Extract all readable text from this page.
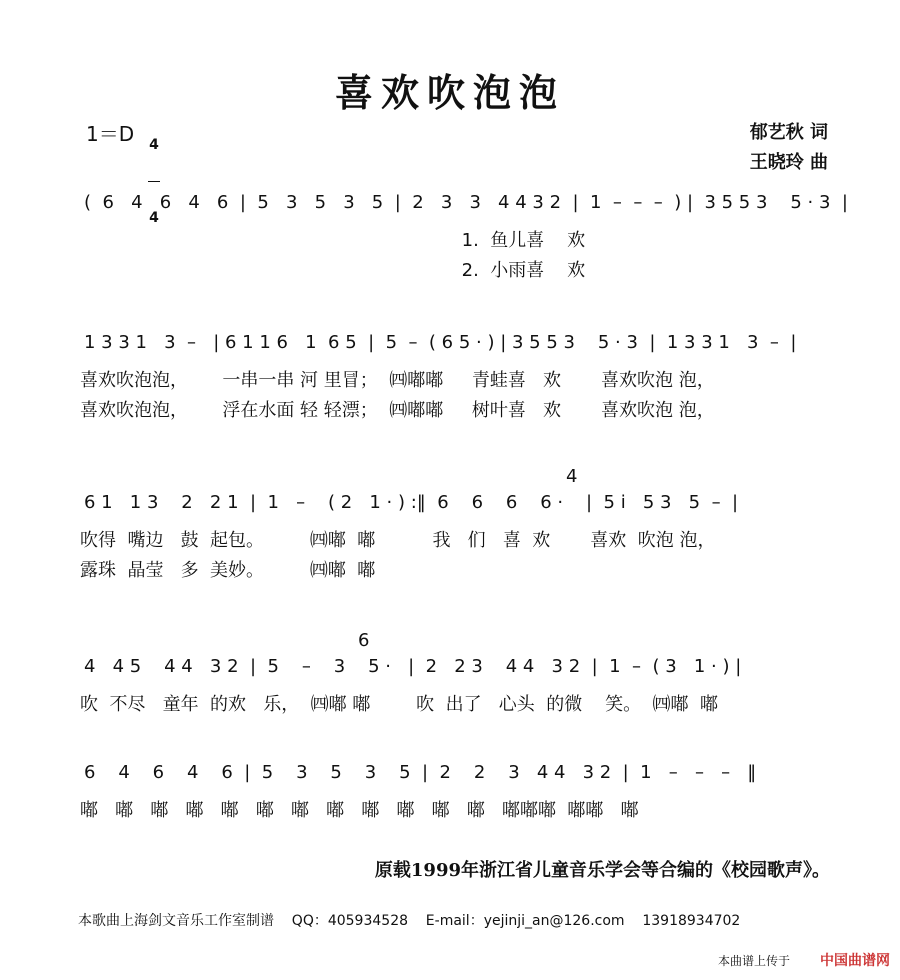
喜欢吹泡泡
1＝D

4

4

郁艺秋 词
王晓玲 曲
(  6   4   6   4   6  |  5   3   5   3   5  |  2   3   3   4 4 3 2  |  1  –  –  –  ) |  3 5 5 3    5 · 3  |
1.  鱼儿喜    欢
2.  小雨喜    欢
1 3 3 1   3  –   | 6 1 1 6   1  6 5  |  5  –  ( 6 5 · ) | 3 5 5 3    5 · 3  |  1 3 3 1   3  –  |
喜欢吹泡泡，      一串一串 河 里冒；  ㈣嘟嘟     青蛙喜   欢       喜欢吹泡 泡，
喜欢吹泡泡，      浮在水面 轻 轻漂；  ㈣嘟嘟     树叶喜   欢       喜欢吹泡 泡，
4
6 1   1 3    2   2 1  |  1   –    ( 2   1 · ) :‖  6    6    6    6 ·    |  5 i   5 3   5  –  |
吹得  嘴边   鼓  起包。        ㈣嘟  嘟          我   们   喜  欢       喜欢  吹泡 泡，
露珠  晶莹   多  美妙。        ㈣嘟  嘟
6
4   4 5    4 4   3 2  |  5    –    3    5 ·   |  2   2 3    4 4   3 2  |  1  –  ( 3   1 · ) |
吹  不尽   童年  的欢   乐，  ㈣嘟 嘟        吹  出了   心头  的微    笑。  ㈣嘟  嘟
6    4    6    4    6  |  5    3    5    3    5  |  2    2    3   4 4   3 2  |  1   –   –   –   ‖
嘟   嘟   嘟   嘟   嘟   嘟   嘟   嘟   嘟   嘟   嘟   嘟   嘟嘟嘟  嘟嘟   嘟
原载1999年浙江省儿童音乐学会等合编的《校园歌声》。
本歌曲上海剑文音乐工作室制谱    QQ：405934528    E-mail：yejinji_an@126.com    13918934702
本曲谱上传于 中国曲谱网
